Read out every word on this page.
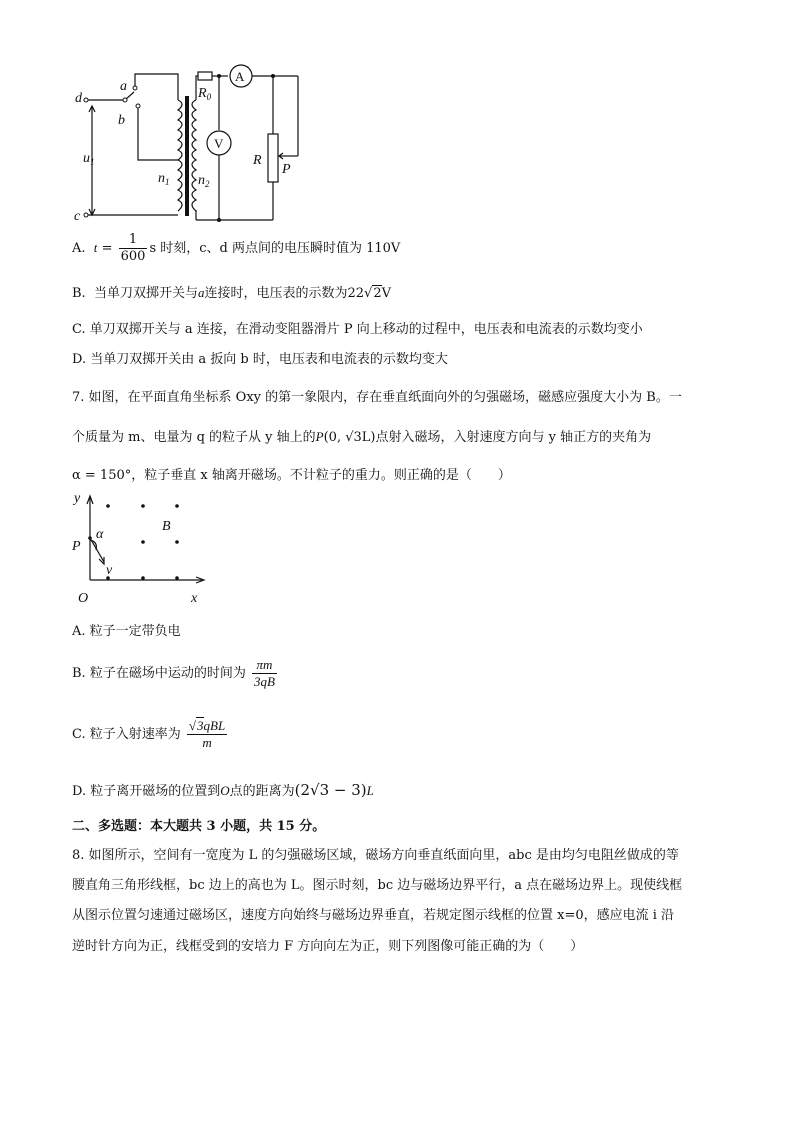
d
c
a
b
$u_1$
$n_1$ $n_2$
$R_0$
R
P
A
V
A. $t = \frac{1}{600}$ s 时刻，c、d 两点间的电压瞬时值为 110V
B. 当单刀双掷开关与a连接时，电压表的示数为22√2V
C. 单刀双掷开关与 a 连接，在滑动变阻器滑片 P 向上移动的过程中，电压表和电流表的示数均变小
D. 当单刀双掷开关由 a 扳向 b 时，电压表和电流表的示数均变大
7. 如图，在平面直角坐标系 Oxy 的第一象限内，存在垂直纸面向外的匀强磁场，磁感应强度大小为 B。一
个质量为 m、电量为 q 的粒子从 y 轴上的P(0, √3L)点射入磁场，入射速度方向与 y 轴正方的夹角为
α = 150°，粒子垂直 x 轴离开磁场。不计粒子的重力。则正确的是（　　）
y
x
O
P
α
v
B
A. 粒子一定带负电
B. 粒子在磁场中运动的时间为 $\frac{\pi m}{3qB}$
C. 粒子入射速率为 $\frac{\text{√3qBL}}{m}$
D. 粒子离开磁场的位置到O点的距离为(2√3 − 3)L
二、多选题：本大题共 3 小题，共 15 分。
8. 如图所示，空间有一宽度为 L 的匀强磁场区域，磁场方向垂直纸面向里，abc 是由均匀电阻丝做成的等
腰直角三角形线框，bc 边上的高也为 L。图示时刻，bc 边与磁场边界平行，a 点在磁场边界上。现使线框
从图示位置匀速通过磁场区，速度方向始终与磁场边界垂直，若规定图示线框的位置 x=0，感应电流 i 沿
逆时针方向为正，线框受到的安培力 F 方向向左为正，则下列图像可能正确的为（　　）
